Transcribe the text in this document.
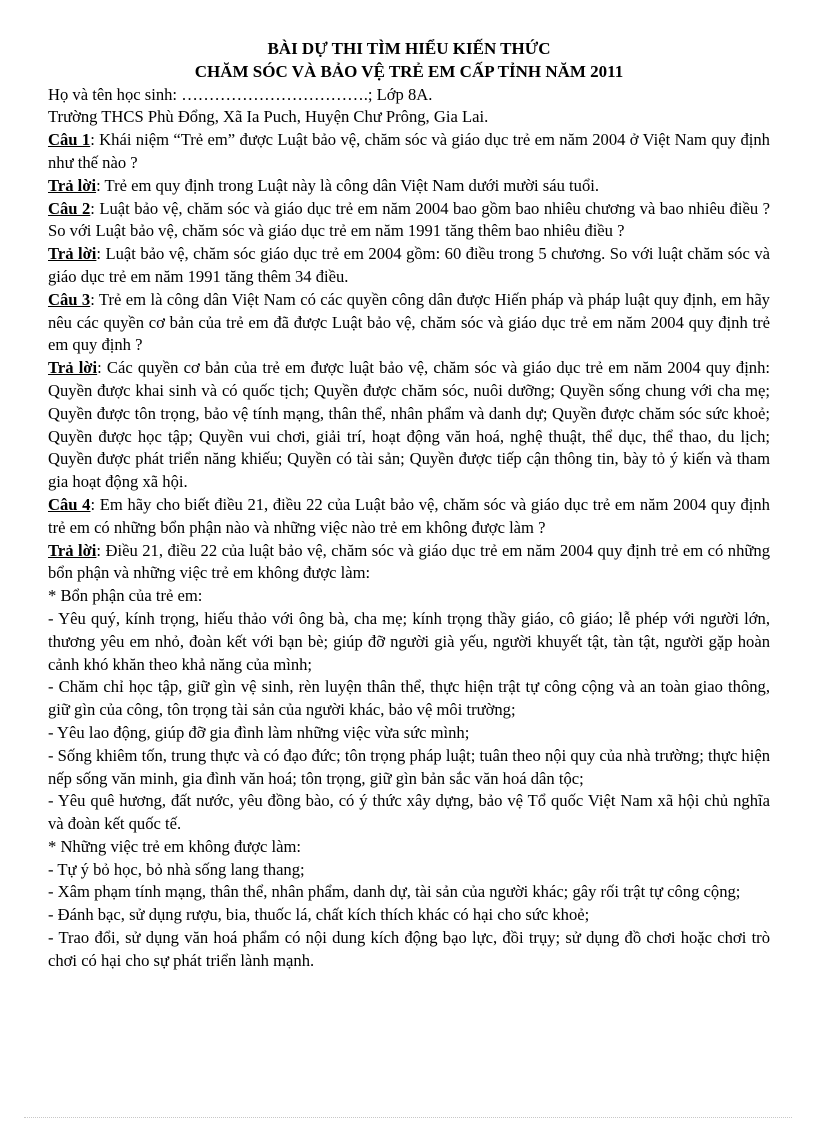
BÀI DỰ THI TÌM HIỂU KIẾN THỨC

CHĂM SÓC VÀ BẢO VỆ TRẺ EM CẤP TỈNH NĂM 2011

Họ và tên học sinh: …………………………….; Lớp 8A.

Trường THCS Phù Đổng, Xã Ia Puch, Huyện Chư Prông, Gia Lai.

Câu 1: Khái niệm “Trẻ em” được Luật bảo vệ, chăm sóc và giáo dục trẻ em năm 2004 ở Việt Nam quy định như thế nào ?

Trả lời: Trẻ em quy định trong Luật này là công dân Việt Nam dưới mười sáu tuổi.

Câu 2: Luật bảo vệ, chăm sóc và giáo dục trẻ em năm 2004 bao gồm bao nhiêu chương và bao nhiêu điều ? So với Luật bảo vệ, chăm sóc và giáo dục trẻ em năm 1991 tăng thêm bao nhiêu điều ?

Trả lời: Luật bảo vệ, chăm sóc giáo dục trẻ em 2004 gồm: 60 điều trong 5 chương. So với luật chăm sóc và giáo dục trẻ em năm 1991 tăng thêm 34 điều.

Câu 3: Trẻ em là công dân Việt Nam có các quyền công dân được Hiến pháp và pháp luật quy định, em hãy nêu các quyền cơ bản của trẻ em đã được Luật bảo vệ, chăm sóc và giáo dục trẻ em năm 2004 quy định trẻ em quy định ?

Trả lời: Các quyền cơ bản của trẻ em được luật bảo vệ, chăm sóc và giáo dục trẻ em năm 2004 quy định: Quyền được khai sinh và có quốc tịch; Quyền được chăm sóc, nuôi dưỡng; Quyền sống chung với cha mẹ; Quyền được tôn trọng, bảo vệ tính mạng, thân thể, nhân phẩm và danh dự; Quyền được chăm sóc sức khoẻ; Quyền được học tập; Quyền vui chơi, giải trí, hoạt động văn hoá, nghệ thuật, thể dục, thể thao, du lịch; Quyền được phát triển năng khiếu; Quyền có tài sản; Quyền được tiếp cận thông tin, bày tỏ ý kiến và tham gia hoạt động xã hội.

Câu 4: Em hãy cho biết điều 21, điều 22 của Luật bảo vệ, chăm sóc và giáo dục trẻ em năm 2004 quy định trẻ em có những bổn phận nào và những việc nào trẻ em không được làm ?

Trả lời: Điều 21, điều 22 của luật bảo vệ, chăm sóc và giáo dục trẻ em năm 2004 quy định trẻ em có những bổn phận và những việc trẻ em không được làm:

* Bổn phận của trẻ em:

- Yêu quý, kính trọng, hiếu thảo với ông bà, cha mẹ; kính trọng thầy giáo, cô giáo; lễ phép với người lớn, thương yêu em nhỏ, đoàn kết với bạn bè; giúp đỡ người già yếu, người khuyết tật, tàn tật, người gặp hoàn cảnh khó khăn theo khả năng của mình;

- Chăm chỉ học tập, giữ gìn vệ sinh, rèn luyện thân thể, thực hiện trật tự công cộng và an toàn giao thông, giữ gìn của công, tôn trọng tài sản của người khác, bảo vệ môi trường;

- Yêu lao động, giúp đỡ gia đình làm những việc vừa sức mình;

- Sống khiêm tốn, trung thực và có đạo đức; tôn trọng pháp luật; tuân theo nội quy của nhà trường; thực hiện nếp sống văn minh, gia đình văn hoá; tôn trọng, giữ gìn bản sắc văn hoá dân tộc;

- Yêu quê hương, đất nước, yêu đồng bào, có ý thức xây dựng, bảo vệ Tổ quốc Việt Nam xã hội chủ nghĩa và đoàn kết quốc tế.

* Những việc trẻ em không được làm:

- Tự ý bỏ học, bỏ nhà sống lang thang;

- Xâm phạm tính mạng, thân thể, nhân phẩm, danh dự, tài sản của người khác; gây rối trật tự công cộng;

- Đánh bạc, sử dụng rượu, bia, thuốc lá, chất kích thích khác có hại cho sức khoẻ;

- Trao đổi, sử dụng văn hoá phẩm có nội dung kích động bạo lực, đồi trụy; sử dụng đồ chơi hoặc chơi trò chơi có hại cho sự phát triển lành mạnh.
